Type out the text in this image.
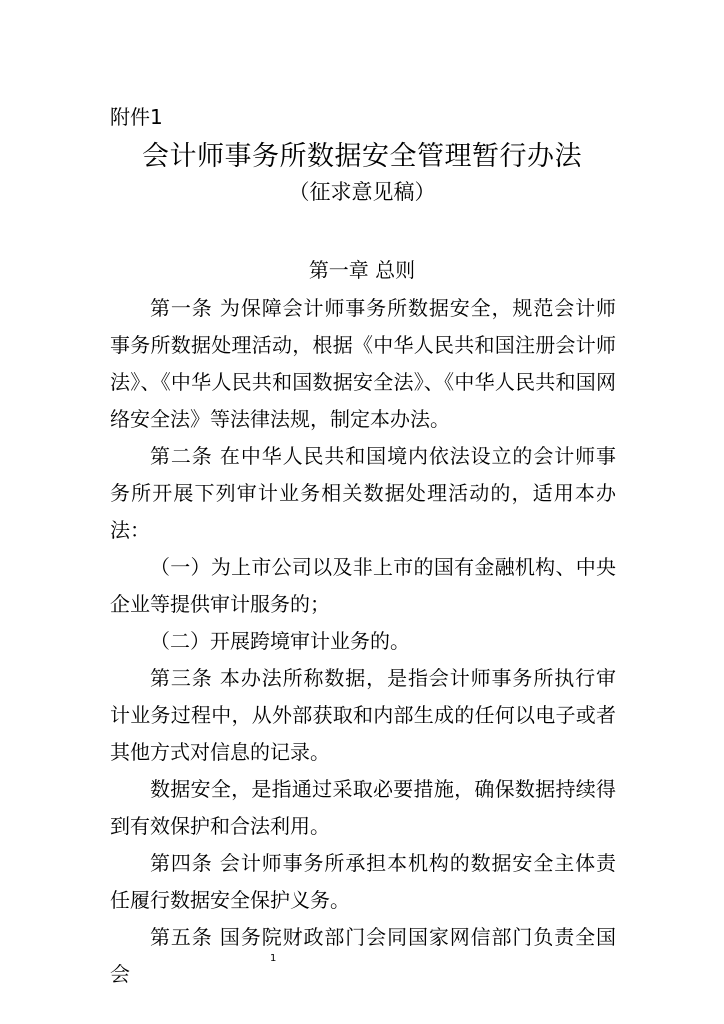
附件1
会计师事务所数据安全管理暂行办法
（征求意见稿）
第一章 总则

第一条 为保障会计师事务所数据安全，规范会计师事务所数据处理活动，根据《中华人民共和国注册会计师法》、《中华人民共和国数据安全法》、《中华人民共和国网络安全法》等法律法规，制定本办法。

第二条 在中华人民共和国境内依法设立的会计师事务所开展下列审计业务相关数据处理活动的，适用本办法：

（一）为上市公司以及非上市的国有金融机构、中央企业等提供审计服务的；

（二）开展跨境审计业务的。

第三条 本办法所称数据，是指会计师事务所执行审计业务过程中，从外部获取和内部生成的任何以电子或者其他方式对信息的记录。

数据安全，是指通过采取必要措施，确保数据持续得到有效保护和合法利用。

第四条 会计师事务所承担本机构的数据安全主体责任履行数据安全保护义务。

第五条 国务院财政部门会同国家网信部门负责全国会

1
